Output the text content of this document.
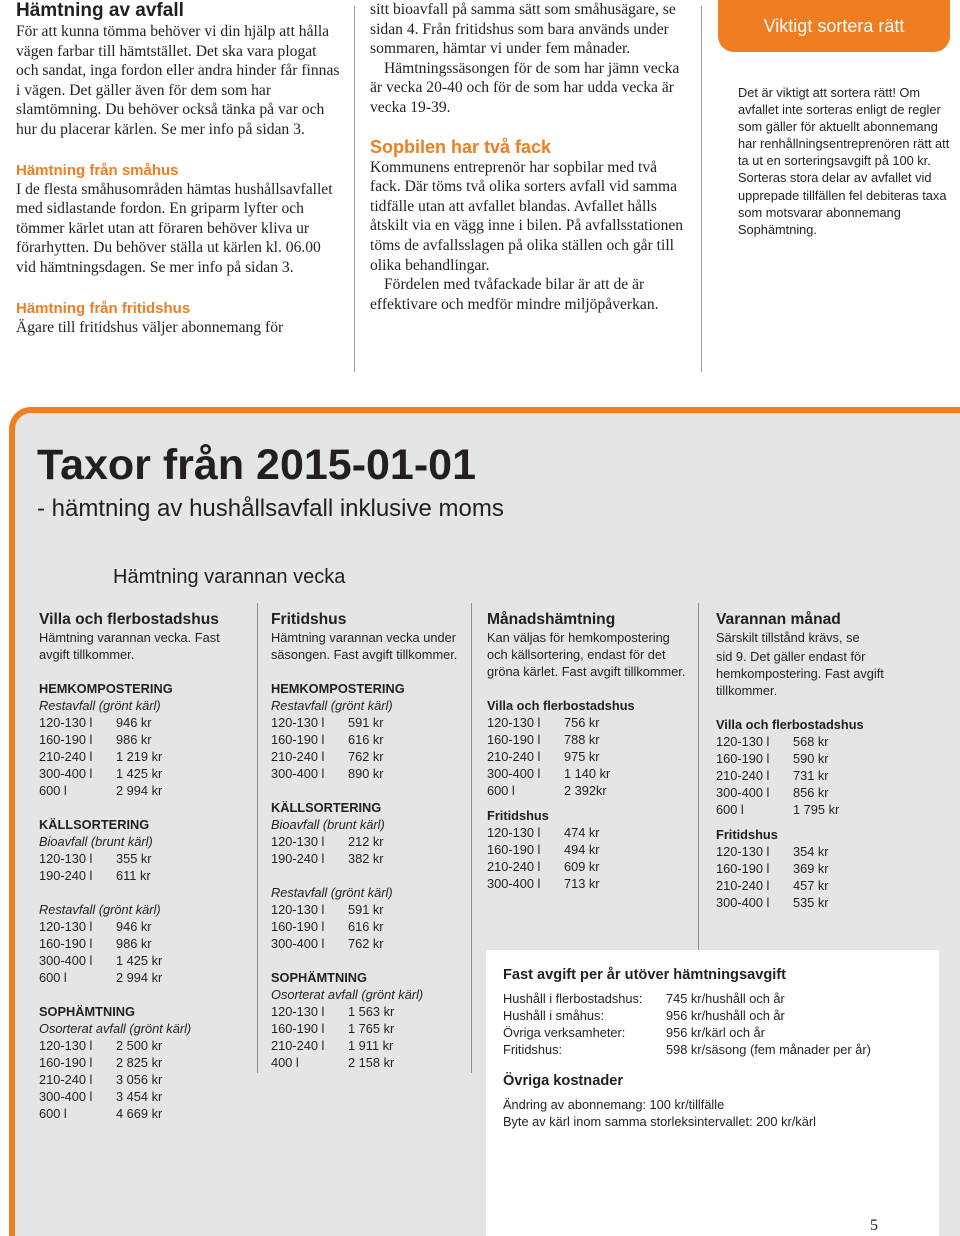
Hämtning av avfall

För att kunna tömma behöver vi din hjälp att hålla vägen farbar till hämtstället. Det ska vara plogat och sandat, inga fordon eller andra hinder får finnas i vägen. Det gäller även för dem som har slamtömning. Du behöver också tänka på var och hur du placerar kärlen. Se mer info på sidan 3.

Hämtning från småhus

I de flesta småhusområden hämtas hushållsavfallet med sidlastande fordon. En griparm lyfter och tömmer kärlet utan att föraren behöver kliva ur förarhytten. Du behöver ställa ut kärlen kl. 06.00 vid hämtningsdagen. Se mer info på sidan 3.

Hämtning från fritidshus

Ägare till fritidshus väljer abonnemang för

sitt bioavfall på samma sätt som småhusägare, se sidan 4. Från fritidshus som bara används under sommaren, hämtar vi under fem månader.

Hämtningssäsongen för de som har jämn vecka är vecka 20-40 och för de som har udda vecka är vecka 19-39.

Sopbilen har två fack

Kommunens entreprenör har sopbilar med två fack. Där töms två olika sorters avfall vid samma tidfälle utan att avfallet blandas. Avfallet hålls åtskilt via en vägg inne i bilen. På avfallsstationen töms de avfallsslagen på olika ställen och går till olika behandlingar.

Fördelen med tvåfackade bilar är att de är effektivare och medför mindre miljöpåverkan.

Viktigt sortera rätt

Det är viktigt att sortera rätt! Om avfallet inte sorteras enligt de regler som gäller för aktuellt abonnemang har renhållningsentreprenören rätt att ta ut en sorteringsavgift på 100 kr. Sorteras stora delar av avfallet vid upprepade tillfällen fel debiteras taxa som motsvarar abonnemang Sophämtning.

Taxor från 2015-01-01

- hämtning av hushållsavfall inklusive moms

Hämtning varannan vecka

Villa och flerbostadshus

Hämtning varannan vecka. Fast avgift tillkommer.

HEMKOMPOSTERING

Restavfall (grönt kärl)

120-130 l	946 kr
160-190 l	986 kr
210-240 l	1 219 kr
300-400 l	1 425 kr
600 l	2 994 kr

KÄLLSORTERING

Bioavfall (brunt kärl)

120-130 l	355 kr
190-240 l	611 kr

Restavfall (grönt kärl)

120-130 l	946 kr
160-190 l	986 kr
300-400 l	1 425 kr
600 l	2 994 kr

SOPHÄMTNING

Osorterat avfall (grönt kärl)

120-130 l	2 500 kr
160-190 l	2 825 kr
210-240 l	3 056 kr
300-400 l	3 454 kr
600 l	4 669 kr

Fritidshus

Hämtning varannan vecka under säsongen. Fast avgift tillkommer.

HEMKOMPOSTERING

Restavfall (grönt kärl)

120-130 l	591 kr
160-190 l	616 kr
210-240 l	762 kr
300-400 l	890 kr

KÄLLSORTERING

Bioavfall (brunt kärl)

120-130 l	212 kr
190-240 l	382 kr

Restavfall (grönt kärl)

120-130 l	591 kr
160-190 l	616 kr
300-400 l	762 kr

SOPHÄMTNING

Osorterat avfall (grönt kärl)

120-130 l	1 563 kr
160-190 l	1 765 kr
210-240 l	1 911 kr
400 l	2 158 kr

Månadshämtning

Kan väljas för hemkompostering och källsortering, endast för det gröna kärlet. Fast avgift tillkommer.

Villa och flerbostadshus

120-130 l	756 kr
160-190 l	788 kr
210-240 l	975 kr
300-400 l	1 140 kr
600 l	2 392kr

Fritidshus

120-130 l	474 kr
160-190 l	494 kr
210-240 l	609 kr
300-400 l	713 kr

Varannan månad

Särskilt tillstånd krävs, se

sid 9. Det gäller endast för hemkompostering. Fast avgift tillkommer.

Villa och flerbostadshus

120-130 l	568 kr
160-190 l	590 kr
210-240 l	731 kr
300-400 l	856 kr
600 l	1 795 kr

Fritidshus

120-130 l	354 kr
160-190 l	369 kr
210-240 l	457 kr
300-400 l	535 kr

Fast avgift per år utöver hämtningsavgift

Hushåll i flerbostadshus:	745 kr/hushåll och år
Hushåll i småhus:	956 kr/hushåll och år
Övriga verksamheter:	956 kr/kärl och år
Fritidshus:	598 kr/säsong (fem månader per år)

Övriga kostnader

Ändring av abonnemang: 100 kr/tillfälle

Byte av kärl inom samma storleksintervallet: 200 kr/kärl

5
